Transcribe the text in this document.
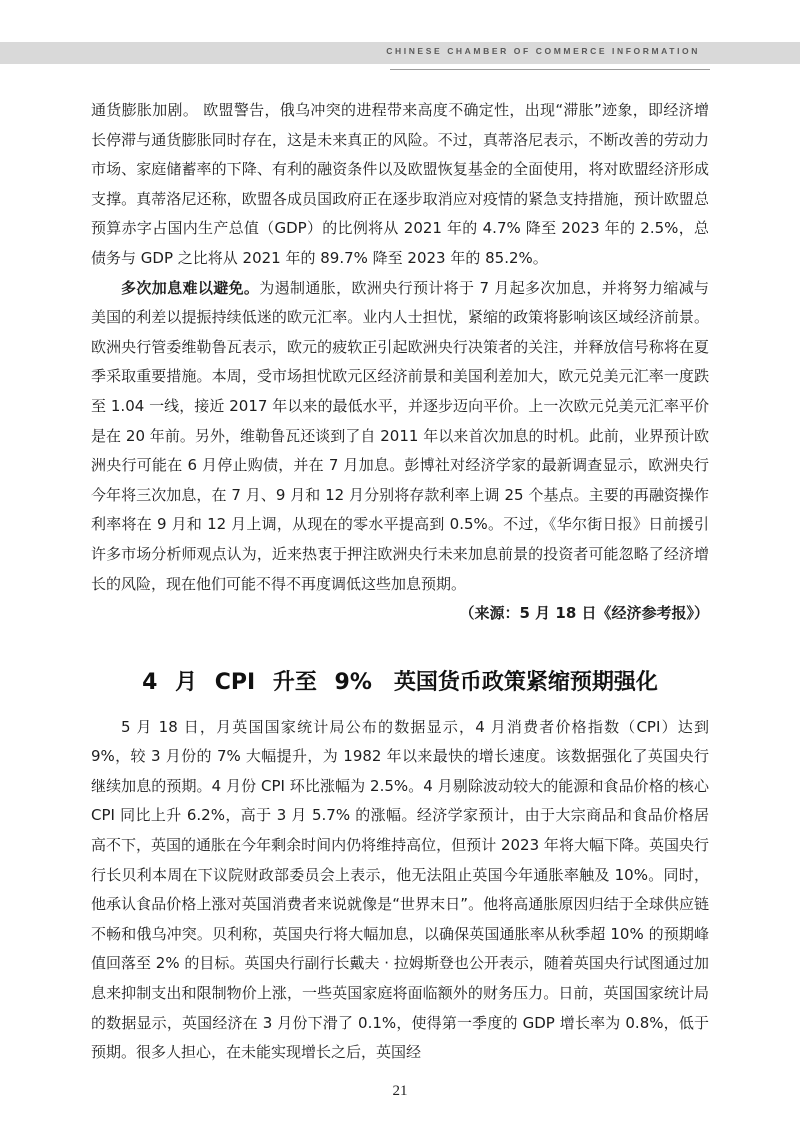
CHINESE CHAMBER OF COMMERCE INFORMATION

通货膨胀加剧。 欧盟警告，俄乌冲突的进程带来高度不确定性，出现“滞胀”迹象，即经济增长停滞与通货膨胀同时存在，这是未来真正的风险。不过，真蒂洛尼表示，不断改善的劳动力市场、家庭储蓄率的下降、有利的融资条件以及欧盟恢复基金的全面使用，将对欧盟经济形成支撑。真蒂洛尼还称，欧盟各成员国政府正在逐步取消应对疫情的紧急支持措施，预计欧盟总预算赤字占国内生产总值（GDP）的比例将从 2021 年的 4.7% 降至 2023 年的 2.5%，总债务与 GDP 之比将从 2021 年的 89.7% 降至 2023 年的 85.2%。

多次加息难以避免。为遏制通胀，欧洲央行预计将于 7 月起多次加息，并将努力缩减与美国的利差以提振持续低迷的欧元汇率。业内人士担忧，紧缩的政策将影响该区域经济前景。欧洲央行管委维勒鲁瓦表示，欧元的疲软正引起欧洲央行决策者的关注，并释放信号称将在夏季采取重要措施。本周，受市场担忧欧元区经济前景和美国利差加大，欧元兑美元汇率一度跌至 1.04 一线，接近 2017 年以来的最低水平，并逐步迈向平价。上一次欧元兑美元汇率平价是在 20 年前。另外，维勒鲁瓦还谈到了自 2011 年以来首次加息的时机。此前，业界预计欧洲央行可能在 6 月停止购债，并在 7 月加息。彭博社对经济学家的最新调查显示，欧洲央行今年将三次加息，在 7 月、9 月和 12 月分别将存款利率上调 25 个基点。主要的再融资操作利率将在 9 月和 12 月上调，从现在的零水平提高到 0.5%。不过，《华尔街日报》日前援引许多市场分析师观点认为，近来热衷于押注欧洲央行未来加息前景的投资者可能忽略了经济增长的风险，现在他们可能不得不再度调低这些加息预期。

（来源：5 月 18 日《经济参考报》）

4 月 CPI 升至 9%　英国货币政策紧缩预期强化

5 月 18 日，月英国国家统计局公布的数据显示，4 月消费者价格指数（CPI）达到 9%，较 3 月份的 7% 大幅提升，为 1982 年以来最快的增长速度。该数据强化了英国央行继续加息的预期。4 月份 CPI 环比涨幅为 2.5%。4 月剔除波动较大的能源和食品价格的核心 CPI 同比上升 6.2%，高于 3 月 5.7% 的涨幅。经济学家预计，由于大宗商品和食品价格居高不下，英国的通胀在今年剩余时间内仍将维持高位，但预计 2023 年将大幅下降。英国央行行长贝利本周在下议院财政部委员会上表示，他无法阻止英国今年通胀率触及 10%。同时，他承认食品价格上涨对英国消费者来说就像是“世界末日”。他将高通胀原因归结于全球供应链不畅和俄乌冲突。贝利称，英国央行将大幅加息，以确保英国通胀率从秋季超 10% 的预期峰值回落至 2% 的目标。英国央行副行长戴夫 · 拉姆斯登也公开表示，随着英国央行试图通过加息来抑制支出和限制物价上涨，一些英国家庭将面临额外的财务压力。日前，英国国家统计局的数据显示，英国经济在 3 月份下滑了 0.1%，使得第一季度的 GDP 增长率为 0.8%，低于预期。很多人担心，在未能实现增长之后，英国经

21
